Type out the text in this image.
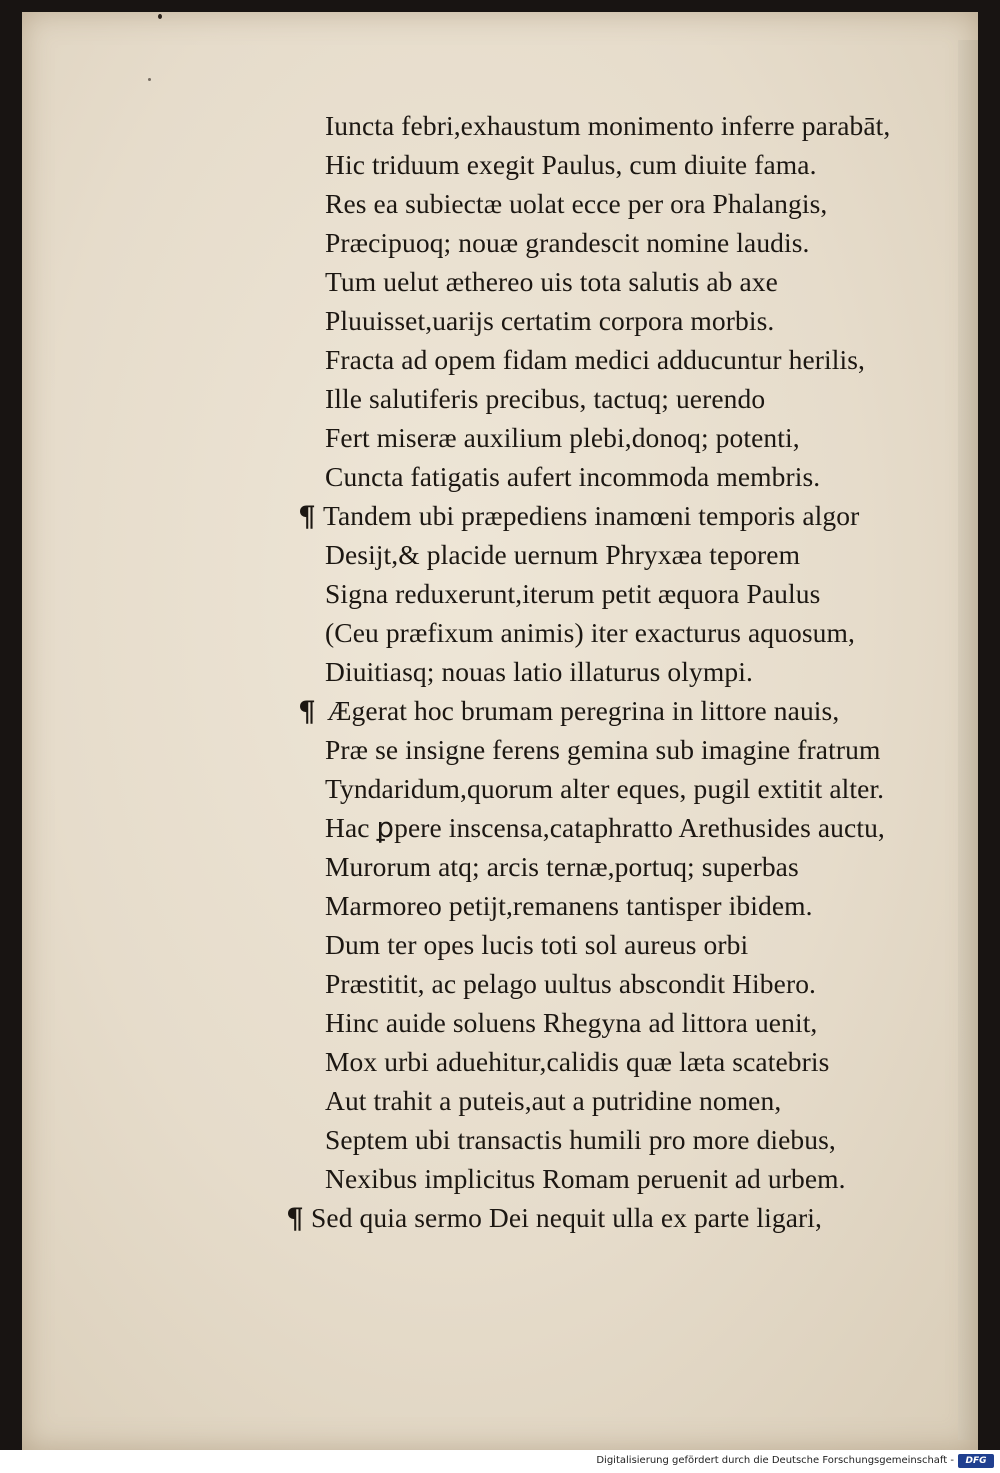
Iuncta febri,exhaustum monimento inferre parabāt,
Hic triduum exegit Paulus, cum diuite fama.
Res ea subiectæ uolat ecce per ora Phalangis,
Præcipuoq; nouæ grandescit nomine laudis.
Tum uelut æthereo uis tota salutis ab axe
Pluuisset,uarijs certatim corpora morbis.
Fracta ad opem fidam medici adducuntur herilis,
Ille salutiferis precibus, tactuq; uerendo
Fert miseræ auxilium plebi,donoq; potenti,
Cuncta fatigatis aufert incommoda membris.
¶ Tandem ubi præpediens inamœni temporis algor
Desijt,& placide uernum Phryxæa teporem
Signa reduxerunt,iterum petit æquora Paulus
(Ceu præfixum animis) iter exacturus aquosum,
Diuitiasq; nouas latio illaturus olympi.
¶ Ægerat hoc brumam peregrina in littore nauis,
Præ se insigne ferens gemina sub imagine fratrum
Tyndaridum,quorum alter eques, pugil extitit alter.
Hac ꝑpere inscensa,cataphratto Arethusides auctu,
Murorum atq; arcis ternæ,portuq; superbas
Marmoreo petijt,remanens tantisper ibidem.
Dum ter opes lucis toti sol aureus orbi
Præstitit, ac pelago uultus abscondit Hibero.
Hinc auide soluens Rhegyna ad littora uenit,
Mox urbi aduehitur,calidis quæ læta scatebris
Aut trahit a puteis,aut a putridine nomen,
Septem ubi transactis humili pro more diebus,
Nexibus implicitus Romam peruenit ad urbem.
¶ Sed quia sermo Dei nequit ulla ex parte ligari,
Digitalisierung gefördert durch die Deutsche Forschungsgemeinschaft -	DFG
